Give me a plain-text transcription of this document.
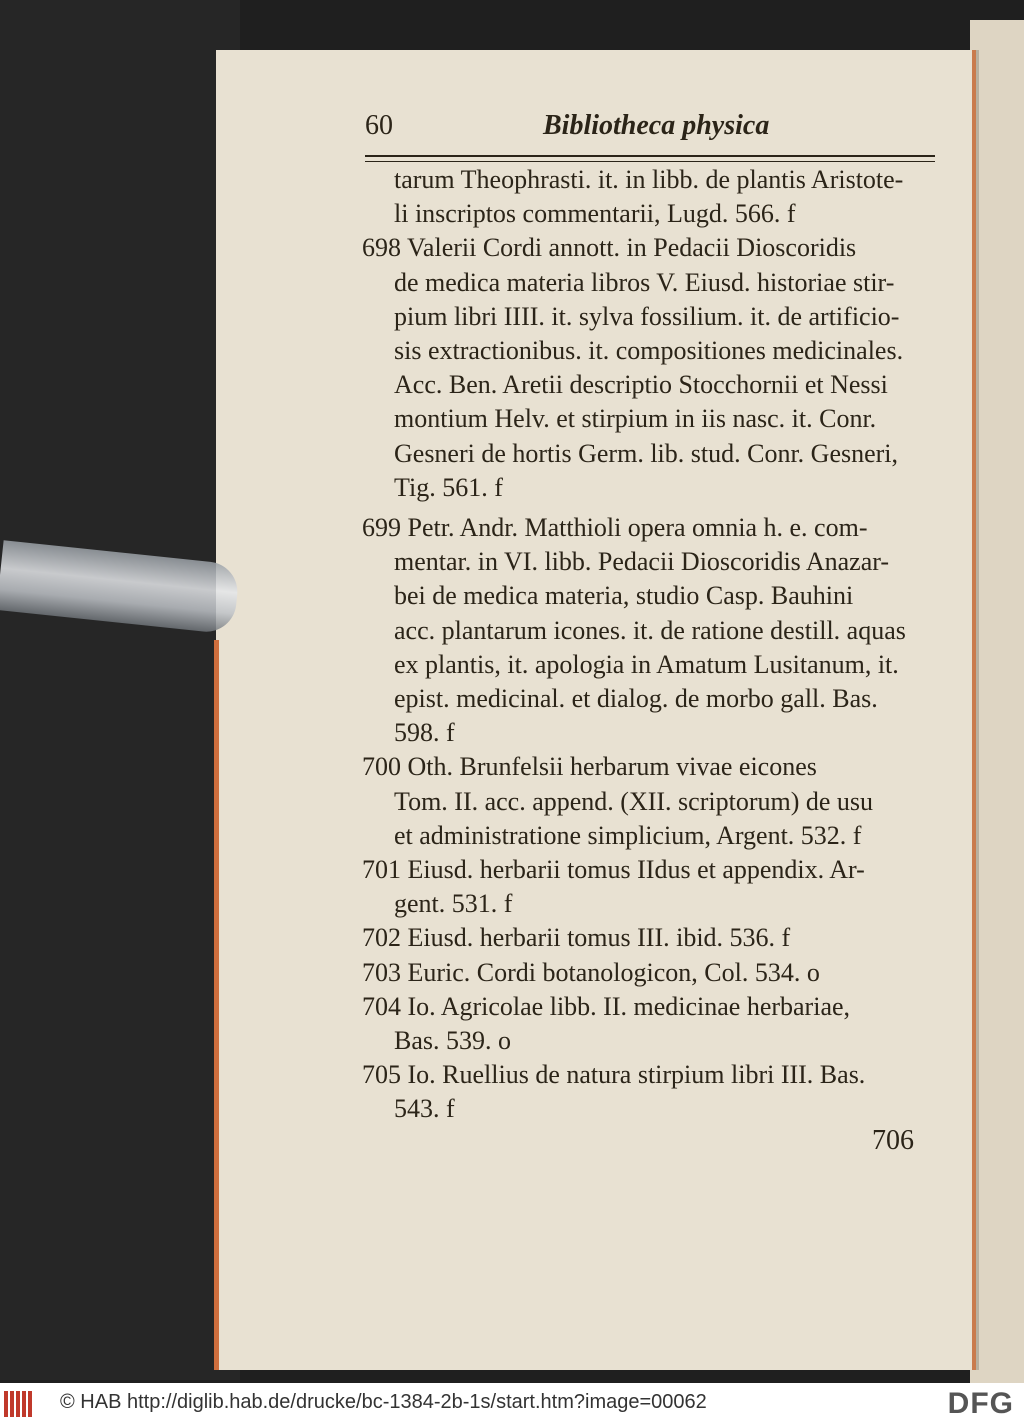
60	Bibliotheca physica
tarum Theophrasti. it. in libb. de plantis Aristote-
li inscriptos commentarii, Lugd. 566. f
698 Valerii Cordi annott. in Pedacii Dioscoridis
de medica materia libros V. Eiusd. historiae stir-
pium libri IIII. it. sylva fossilium. it. de artificio-
sis extractionibus. it. compositiones medicinales.
Acc. Ben. Aretii descriptio Stocchornii et Nessi
montium Helv. et stirpium in iis nasc. it. Conr.
Gesneri de hortis Germ. lib. stud. Conr. Gesneri,
Tig. 561. f
699 Petr. Andr. Matthioli opera omnia h. e. com-
mentar. in VI. libb. Pedacii Dioscoridis Anazar-
bei de medica materia, studio Casp. Bauhini
acc. plantarum icones. it. de ratione destill. aquas
ex plantis, it. apologia in Amatum Lusitanum, it.
epist. medicinal. et dialog. de morbo gall. Bas.
598. f
700 Oth. Brunfelsii herbarum vivae eicones
Tom. II. acc. append. (XII. scriptorum) de usu
et administratione simplicium, Argent. 532. f
701 Eiusd. herbarii tomus IIdus et appendix. Ar-
gent. 531. f
702 Eiusd. herbarii tomus III. ibid. 536. f
703 Euric. Cordi botanologicon, Col. 534. o
704 Io. Agricolae libb. II. medicinae herbariae,
Bas. 539. o
705 Io. Ruellius de natura stirpium libri III. Bas.
543. f
706
© HAB http://diglib.hab.de/drucke/bc-1384-2b-1s/start.htm?image=00062	DFG
